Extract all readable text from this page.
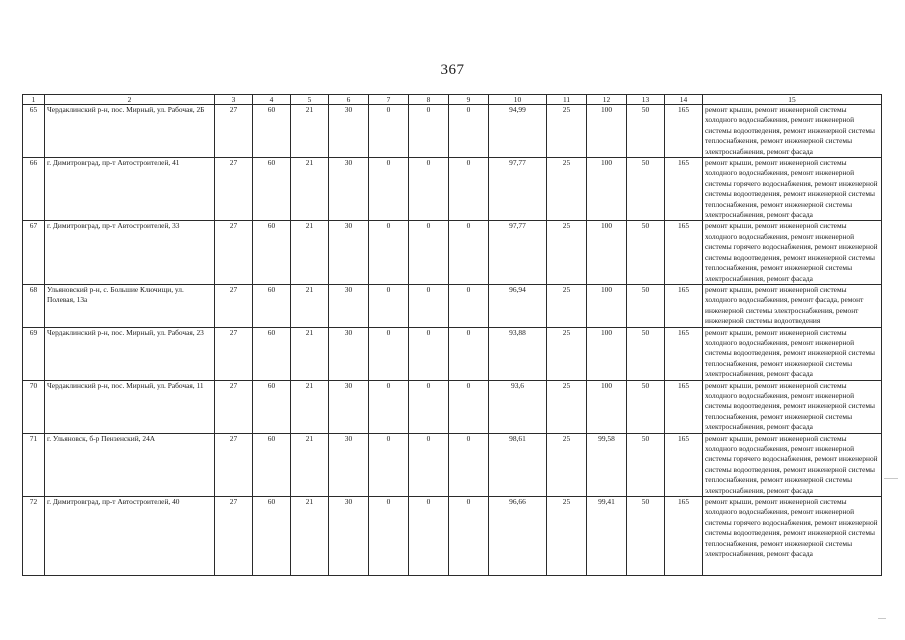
367
1	2	3	4	5	6	7	8	9	10	11	12	13	14	15
65	Чердаклинский р-н, пос. Мирный, ул. Рабочая, 2Б	27	60	21	30	0	0	0	94,99	25	100	50	165	ремонт крыши, ремонт инженерной системы холодного водоснабжения, ремонт инженерной системы водоотведения, ремонт инженерной системы теплоснабжения, ремонт инженерной системы электроснабжения, ремонт фасада
66	г. Димитровград, пр-т Автостроителей, 41	27	60	21	30	0	0	0	97,77	25	100	50	165	ремонт крыши, ремонт инженерной системы холодного водоснабжения, ремонт инженерной системы горячего водоснабжения, ремонт инженерной системы водоотведения, ремонт инженерной системы теплоснабжения, ремонт инженерной системы электроснабжения, ремонт фасада
67	г. Димитровград, пр-т Автостроителей, 33	27	60	21	30	0	0	0	97,77	25	100	50	165	ремонт крыши, ремонт инженерной системы холодного водоснабжения, ремонт инженерной системы горячего водоснабжения, ремонт инженерной системы водоотведения, ремонт инженерной системы теплоснабжения, ремонт инженерной системы электроснабжения, ремонт фасада
68	Ульяновский р-н, с. Большие Ключищи, ул. Полевая, 13а	27	60	21	30	0	0	0	96,94	25	100	50	165	ремонт крыши, ремонт инженерной системы холодного водоснабжения, ремонт фасада, ремонт инженерной системы электроснабжения, ремонт инженерной системы водоотведения
69	Чердаклинский р-н, пос. Мирный, ул. Рабочая, 23	27	60	21	30	0	0	0	93,88	25	100	50	165	ремонт крыши, ремонт инженерной системы холодного водоснабжения, ремонт инженерной системы водоотведения, ремонт инженерной системы теплоснабжения, ремонт инженерной системы электроснабжения, ремонт фасада
70	Чердаклинский р-н, пос. Мирный, ул. Рабочая, 11	27	60	21	30	0	0	0	93,6	25	100	50	165	ремонт крыши, ремонт инженерной системы холодного водоснабжения, ремонт инженерной системы водоотведения, ремонт инженерной системы теплоснабжения, ремонт инженерной системы электроснабжения, ремонт фасада
71	г. Ульяновск, б-р Пензенский, 24А	27	60	21	30	0	0	0	98,61	25	99,58	50	165	ремонт крыши, ремонт инженерной системы холодного водоснабжения, ремонт инженерной системы горячего водоснабжения, ремонт инженерной системы водоотведения, ремонт инженерной системы теплоснабжения, ремонт инженерной системы электроснабжения, ремонт фасада
72	г. Димитровград, пр-т Автостроителей, 40	27	60	21	30	0	0	0	96,66	25	99,41	50	165	ремонт крыши, ремонт инженерной системы холодного водоснабжения, ремонт инженерной системы горячего водоснабжения, ремонт инженерной системы водоотведения, ремонт инженерной системы теплоснабжения, ремонт инженерной системы электроснабжения, ремонт фасада
